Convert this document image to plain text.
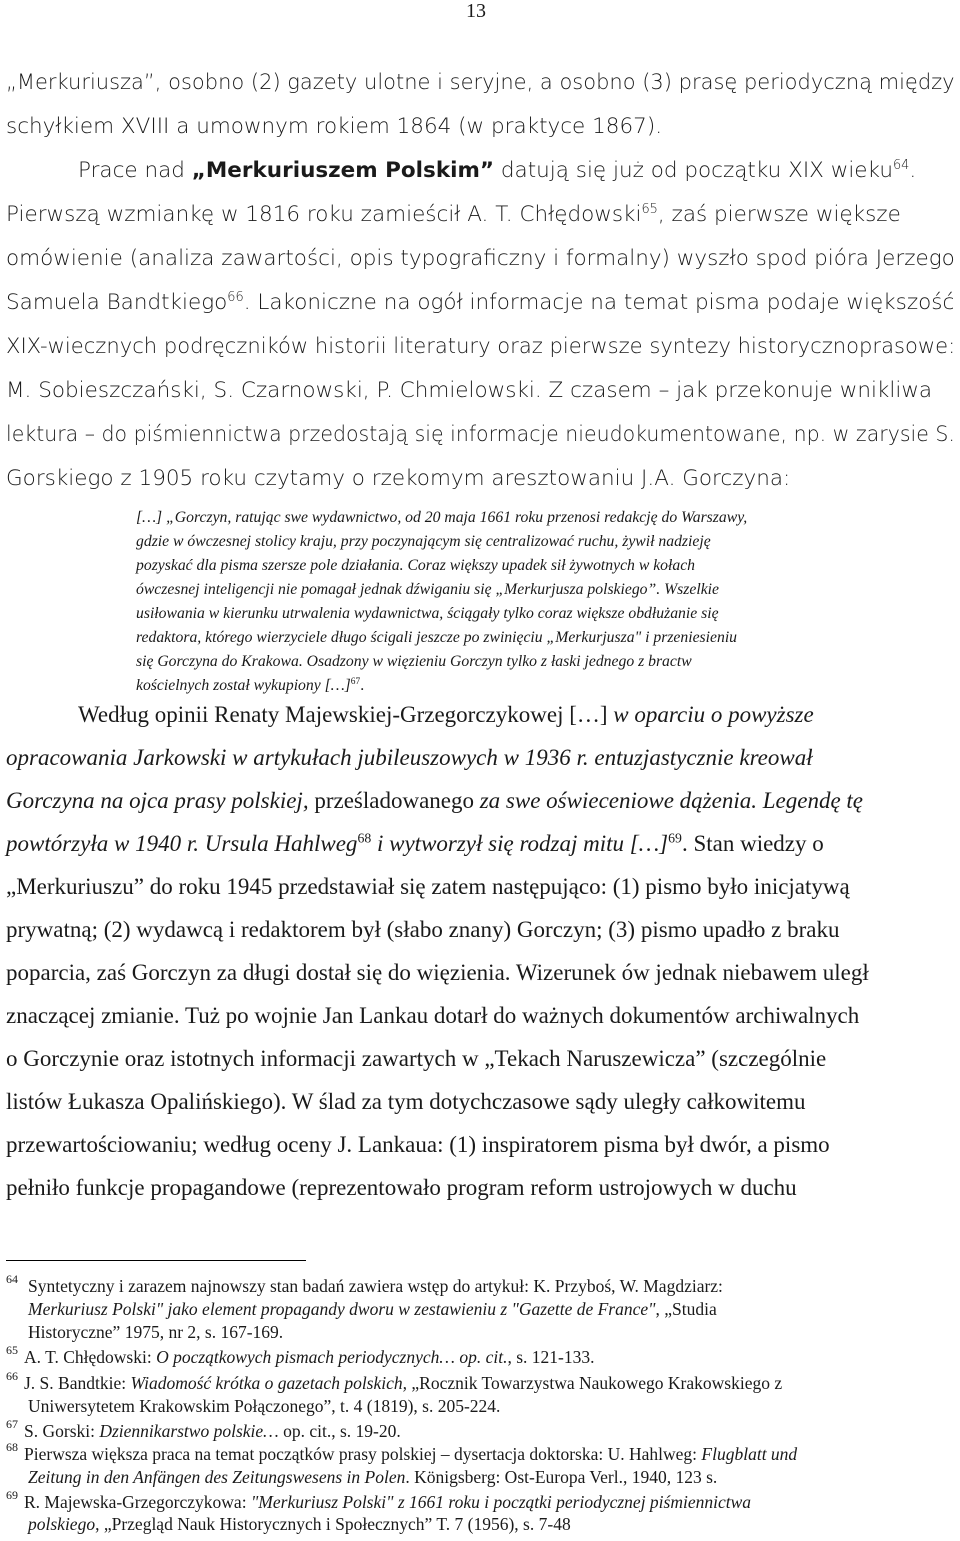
13
„Merkuriusza”, osobno (2) gazety ulotne i seryjne, a osobno (3) prasę periodyczną między
schyłkiem XVIII a umownym rokiem 1864 (w praktyce 1867).
Prace nad „Merkuriuszem Polskim” datują się już od początku XIX wieku$^{64}$.
Pierwszą wzmiankę w 1816 roku zamieścił A. T. Chłędowski$^{65}$, zaś pierwsze większe
omówienie (analiza zawartości, opis typograficzny i formalny) wyszło spod pióra Jerzego
Samuela Bandtkiego$^{66}$. Lakoniczne na ogół informacje na temat pisma podaje większość
XIX-wiecznych podręczników historii literatury oraz pierwsze syntezy historycznoprasowe:
M. Sobieszczański, S. Czarnowski, P. Chmielowski. Z czasem – jak przekonuje wnikliwa
lektura – do piśmiennictwa przedostają się informacje nieudokumentowane, np. w zarysie S.
Gorskiego z 1905 roku czytamy o rzekomym aresztowaniu J.A. Gorczyna:
[…] „Gorczyn, ratując swe wydawnictwo, od 20 maja 1661 roku przenosi redakcję do Warszawy,
gdzie w ówczesnej stolicy kraju, przy poczynającym się centralizować ruchu, żywił nadzieję
pozyskać dla pisma szersze pole działania. Coraz większy upadek sił żywotnych w kołach
ówczesnej inteligencji nie pomagał jednak dźwiganiu się „Merkurjusza polskiego”. Wszelkie
usiłowania w kierunku utrwalenia wydawnictwa, ściągały tylko coraz większe obdłużanie się
redaktora, którego wierzyciele długo ścigali jeszcze po zwinięciu „Merkurjusza" i przeniesieniu
się Gorczyna do Krakowa. Osadzony w więzieniu Gorczyn tylko z łaski jednego z bractw
kościelnych został wykupiony […]$^{67}$.
Według opinii Renaty Majewskiej-Grzegorczykowej […] w oparciu o powyższe
opracowania Jarkowski w artykułach jubileuszowych w 1936 r. entuzjastycznie kreował
Gorczyna na ojca prasy polskiej, prześladowanego za swe oświeceniowe dążenia. Legendę tę
powtórzyła w 1940 r. Ursula Hahlweg$^{68}$ i wytworzył się rodzaj mitu […]$^{69}$. Stan wiedzy o
„Merkuriuszu” do roku 1945 przedstawiał się zatem następująco: (1) pismo było inicjatywą
prywatną; (2) wydawcą i redaktorem był (słabo znany) Gorczyn; (3) pismo upadło z braku
poparcia, zaś Gorczyn za długi dostał się do więzienia. Wizerunek ów jednak niebawem uległ
znaczącej zmianie. Tuż po wojnie Jan Lankau dotarł do ważnych dokumentów archiwalnych
o Gorczynie oraz istotnych informacji zawartych w „Tekach Naruszewicza” (szczególnie
listów Łukasza Opalińskiego). W ślad za tym dotychczasowe sądy uległy całkowitemu
przewartościowaniu; według oceny J. Lankaua: (1) inspiratorem pisma był dwór, a pismo
pełniło funkcje propagandowe (reprezentowało program reform ustrojowych w duchu
64 Syntetyczny i zarazem najnowszy stan badań zawiera wstęp do artykuł: K. Przyboś, W. Magdziarz:
Merkuriusz Polski" jako element propagandy dworu w zestawieniu z "Gazette de France", „Studia
Historyczne” 1975, nr 2, s. 167-169.
65 A. T. Chłędowski: O początkowych pismach periodycznych… op. cit., s. 121-133.
66 J. S. Bandtkie: Wiadomość krótka o gazetach polskich, „Rocznik Towarzystwa Naukowego Krakowskiego z
Uniwersytetem Krakowskim Połączonego”, t. 4 (1819), s. 205-224.
67 S. Gorski: Dziennikarstwo polskie… op. cit., s. 19-20.
68 Pierwsza większa praca na temat początków prasy polskiej – dysertacja doktorska: U. Hahlweg: Flugblatt und
Zeitung in den Anfängen des Zeitungswesens in Polen. Königsberg: Ost-Europa Verl., 1940, 123 s.
69 R. Majewska-Grzegorczykowa: "Merkuriusz Polski" z 1661 roku i początki periodycznej piśmiennictwa
polskiego, „Przegląd Nauk Historycznych i Społecznych” T. 7 (1956), s. 7-48
